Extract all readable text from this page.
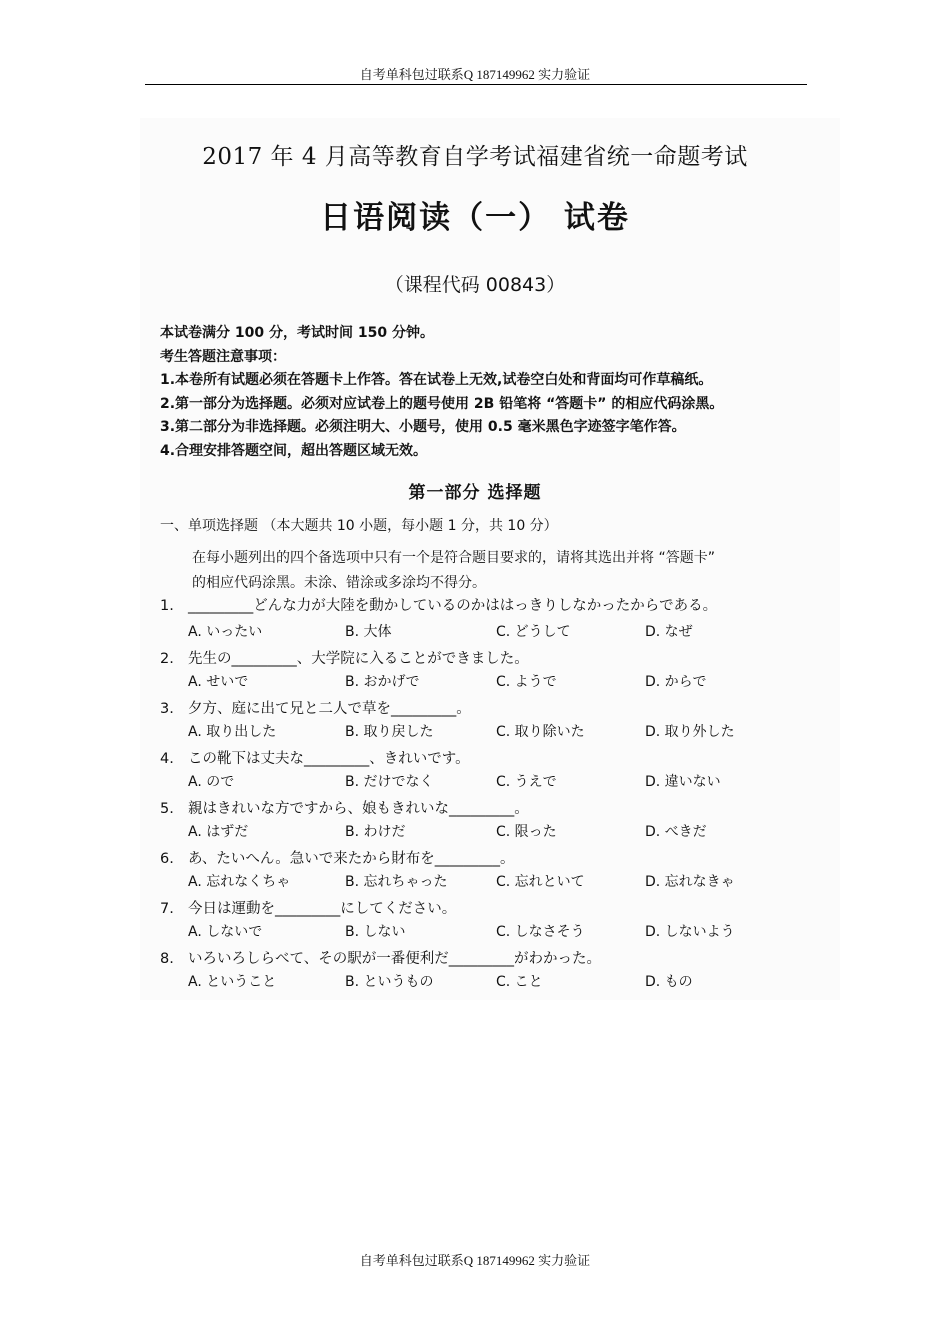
自考单科包过联系Q 187149962 实力验证
2017 年 4 月高等教育自学考试福建省统一命题考试
日语阅读（一） 试卷
（课程代码 00843）
本试卷满分 100 分，考试时间 150 分钟。
考生答题注意事项：
1.本卷所有试题必须在答题卡上作答。答在试卷上无效,试卷空白处和背面均可作草稿纸。
2.第一部分为选择题。必须对应试卷上的题号使用 2B 铅笔将 “答题卡” 的相应代码涂黑。
3.第二部分为非选择题。必须注明大、小题号，使用 0.5 毫米黑色字迹签字笔作答。
4.合理安排答题空间，超出答题区域无效。
第一部分 选择题
一、单项选择题 （本大题共 10 小题，每小题 1 分，共 10 分）
在每小题列出的四个备选项中只有一个是符合题目要求的，请将其选出并将 “答题卡”
的相应代码涂黑。未涂、错涂或多涂均不得分。
1. _________どんな力が大陸を動かしているのかははっきりしなかったからである。
A. いったい	B. 大体	C. どうして	D. なぜ
2. 先生の_________、大学院に入ることができました。
A. せいで	B. おかげで	C. ようで	D. からで
3. 夕方、庭に出て兄と二人で草を_________。
A. 取り出した	B. 取り戻した	C. 取り除いた	D. 取り外した
4. この靴下は丈夫な_________、きれいです。
A. ので	B. だけでなく	C. うえで	D. 違いない
5. 親はきれいな方ですから、娘もきれいな_________。
A. はずだ	B. わけだ	C. 限った	D. べきだ
6. あ、たいへん。急いで来たから財布を_________。
A. 忘れなくちゃ	B. 忘れちゃった	C. 忘れといて	D. 忘れなきゃ
7. 今日は運動を_________にしてください。
A. しないで	B. しない	C. しなさそう	D. しないよう
8. いろいろしらべて、その駅が一番便利だ_________がわかった。
A. ということ	B. というもの	C. こと	D. もの
自考单科包过联系Q 187149962 实力验证
